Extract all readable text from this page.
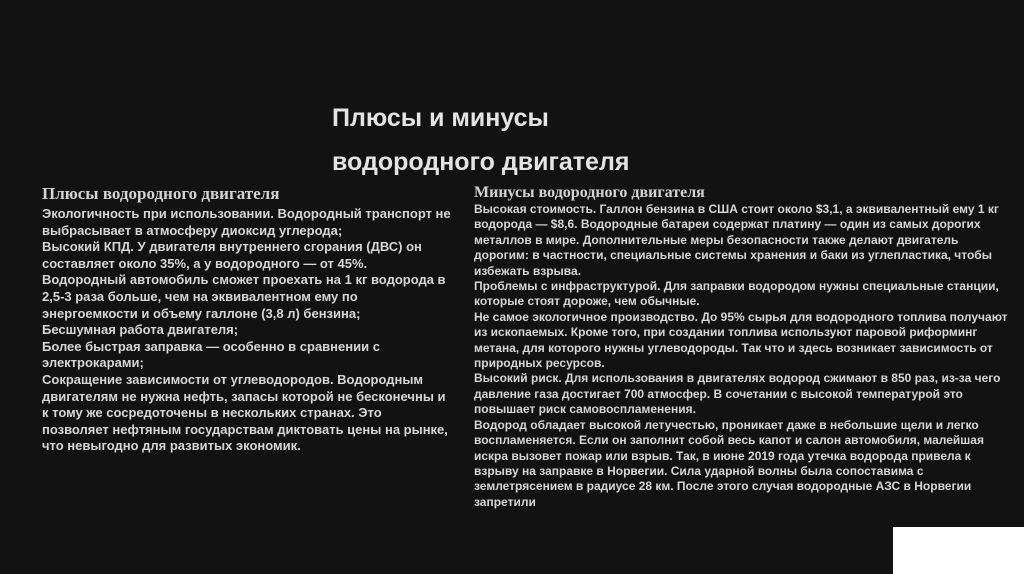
Плюсы и минусы
водородного двигателя
Плюсы водородного двигателя
Экологичность при использовании. Водородный транспорт не выбрасывает в атмосферу диоксид углерода;
Высокий КПД. У двигателя внутреннего сгорания (ДВС) он составляет около 35%, а у водородного — от 45%.
Водородный автомобиль сможет проехать на 1 кг водорода в 2,5-3 раза больше, чем на эквивалентном ему по энергоемкости и объему галлоне (3,8 л) бензина;
Бесшумная работа двигателя;
Более быстрая заправка — особенно в сравнении с электрокарами;
Сокращение зависимости от углеводородов. Водородным двигателям не нужна нефть, запасы которой не бесконечны и к тому же сосредоточены в нескольких странах. Это позволяет нефтяным государствам диктовать цены на рынке, что невыгодно для развитых экономик.
Минусы водородного двигателя
Высокая стоимость. Галлон бензина в США стоит около $3,1, а эквивалентный ему 1 кг водорода — $8,6. Водородные батареи содержат платину — один из самых дорогих металлов в мире. Дополнительные меры безопасности также делают двигатель дорогим: в частности, специальные системы хранения и баки из углепластика, чтобы избежать взрыва.
Проблемы с инфраструктурой. Для заправки водородом нужны специальные станции, которые стоят дороже, чем обычные.
Не самое экологичное производство. До 95% сырья для водородного топлива получают из ископаемых. Кроме того, при создании топлива используют паровой риформинг метана, для которого нужны углеводороды. Так что и здесь возникает зависимость от природных ресурсов.
Высокий риск. Для использования в двигателях водород сжимают в 850 раз, из-за чего давление газа достигает 700 атмосфер. В сочетании с высокой температурой это повышает риск самовоспламенения.
Водород обладает высокой летучестью, проникает даже в небольшие щели и легко воспламеняется. Если он заполнит собой весь капот и салон автомобиля, малейшая искра вызовет пожар или взрыв. Так, в июне 2019 года утечка водорода привела к взрыву на заправке в Норвегии. Сила ударной волны была сопоставима с землетрясением в радиусе 28 км. После этого случая водородные АЗС в Норвегии запретили
